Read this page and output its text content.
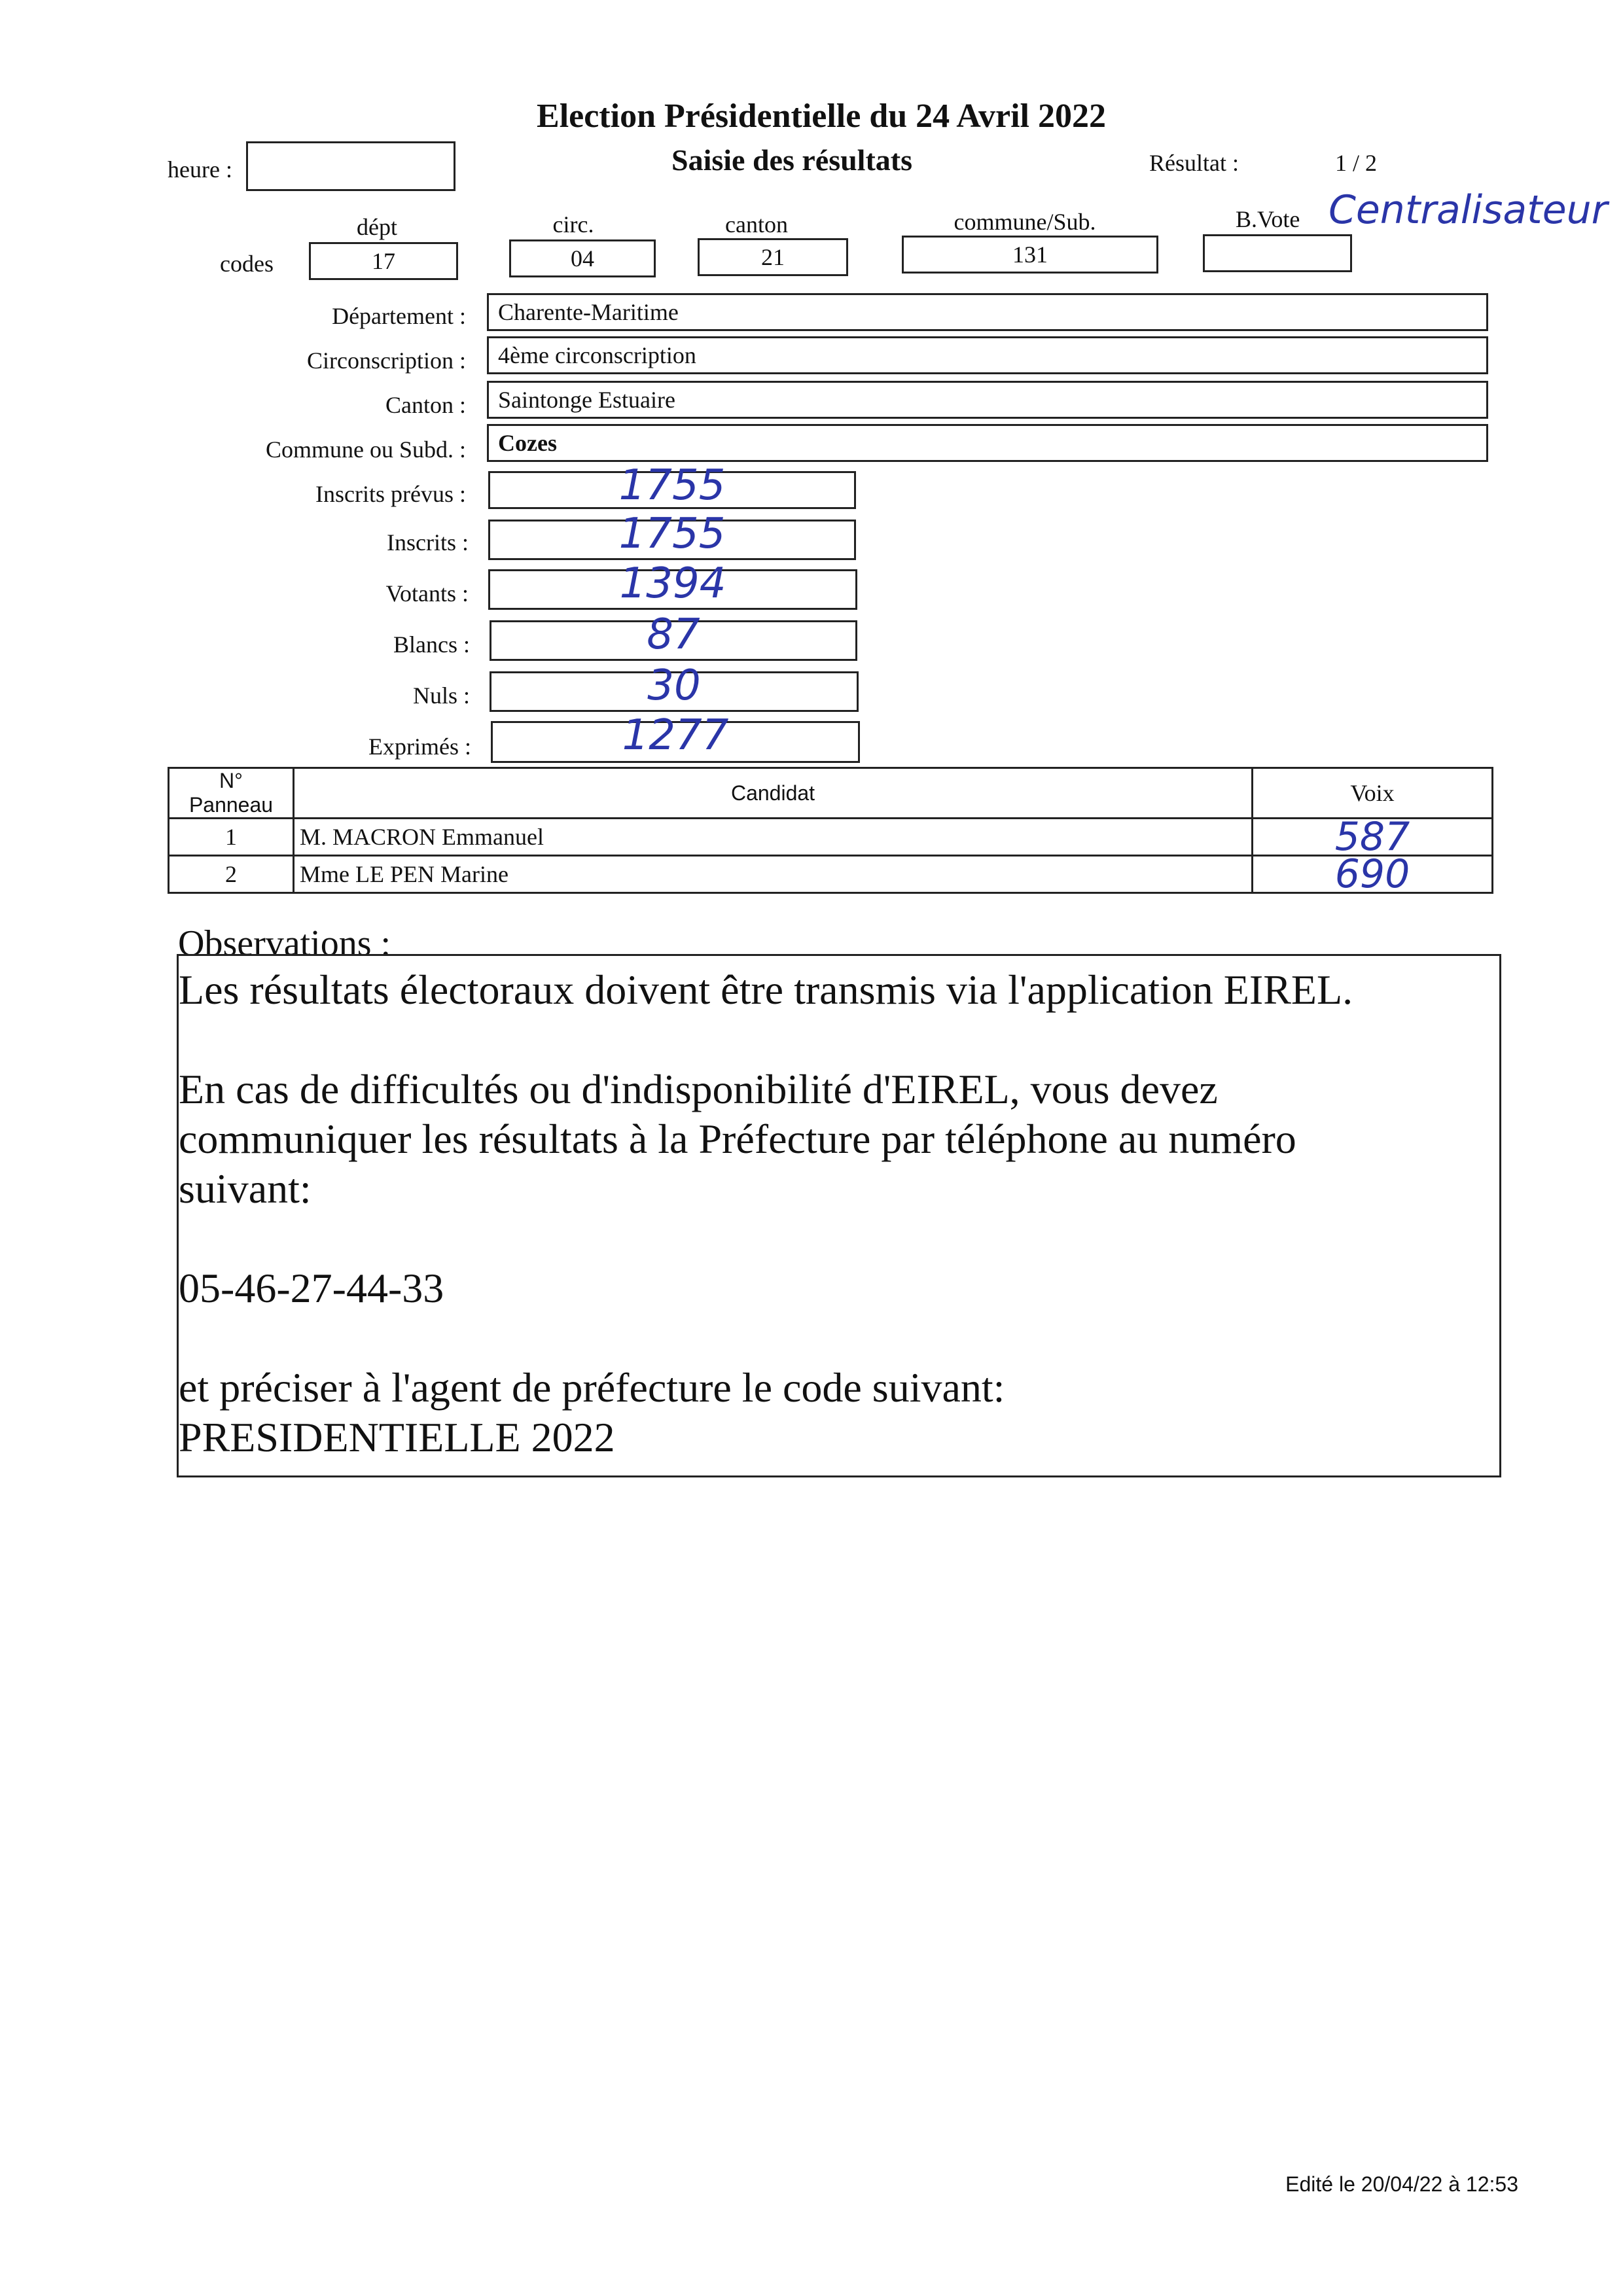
Election Présidentielle du 24 Avril 2022
Saisie des résultats	Résultat :	1 / 2
heure :
dépt	circ.	canton	commune/Sub.	B.Vote Centralisateur
codes	17	04	21	131
Département :	Charente-Maritime
Circonscription :	4ème circonscription
Canton :	Saintonge Estuaire
Commune ou Subd. :	Cozes
Inscrits prévus :	1755
Inscrits :	1755
Votants :	1394
Blancs :	87
Nuls :	30
Exprimés :	1277
N° Panneau	Candidat	Voix
1	M. MACRON Emmanuel	587
2	Mme LE PEN Marine	690
Observations :

Les résultats électoraux doivent être transmis via l'application EIREL.

En cas de difficultés ou d'indisponibilité d'EIREL, vous devez

communiquer les résultats à la Préfecture par téléphone au numéro

suivant:

05-46-27-44-33

et préciser à l'agent de préfecture le code suivant:

PRESIDENTIELLE 2022

Edité le 20/04/22 à 12:53
